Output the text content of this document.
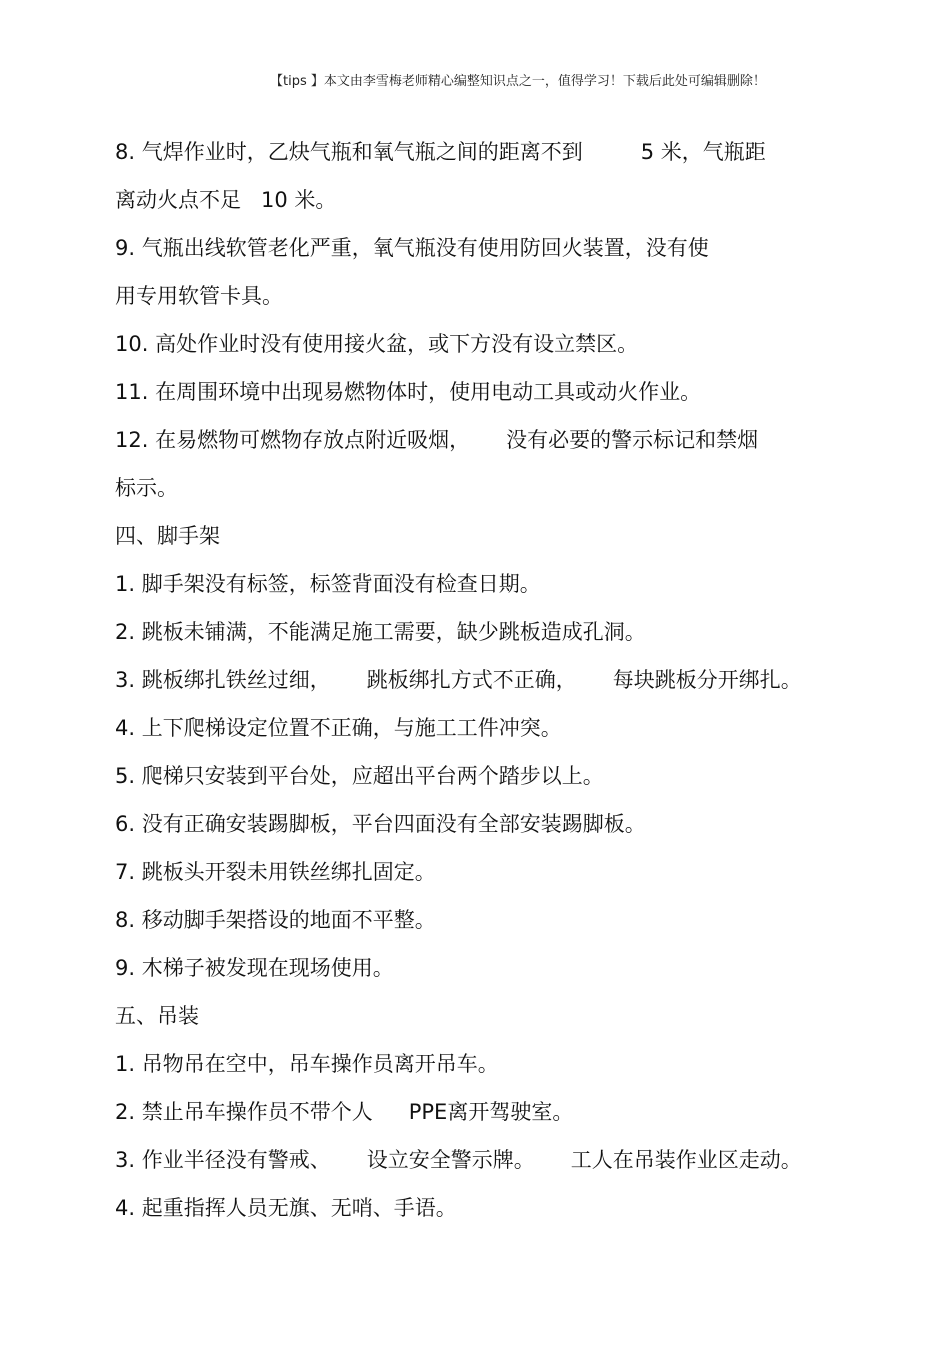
【tips 】本文由李雪梅老师精心编整知识点之一，值得学习！下载后此处可编辑删除！
8. 气焊作业时，乙炔气瓶和氧气瓶之间的距离不到	5 米，气瓶距
离动火点不足 10 米。
9. 气瓶出线软管老化严重，氧气瓶没有使用防回火装置，没有使
用专用软管卡具。
10. 高处作业时没有使用接火盆，或下方没有设立禁区。
11. 在周围环境中出现易燃物体时，使用电动工具或动火作业。
12. 在易燃物可燃物存放点附近吸烟， 没有必要的警示标记和禁烟
标示。
四、脚手架
1. 脚手架没有标签，标签背面没有检查日期。
2. 跳板未铺满，不能满足施工需要，缺少跳板造成孔洞。
3. 跳板绑扎铁丝过细， 跳板绑扎方式不正确， 每块跳板分开绑扎。
4. 上下爬梯设定位置不正确，与施工工件冲突。
5. 爬梯只安装到平台处，应超出平台两个踏步以上。
6. 没有正确安装踢脚板，平台四面没有全部安装踢脚板。
7. 跳板头开裂未用铁丝绑扎固定。
8. 移动脚手架搭设的地面不平整。
9. 木梯子被发现在现场使用。
五、吊装
1. 吊物吊在空中，吊车操作员离开吊车。
2. 禁止吊车操作员不带个人 PPE离开驾驶室。
3. 作业半径没有警戒、 设立安全警示牌。 工人在吊装作业区走动。
4. 起重指挥人员无旗、无哨、手语。
